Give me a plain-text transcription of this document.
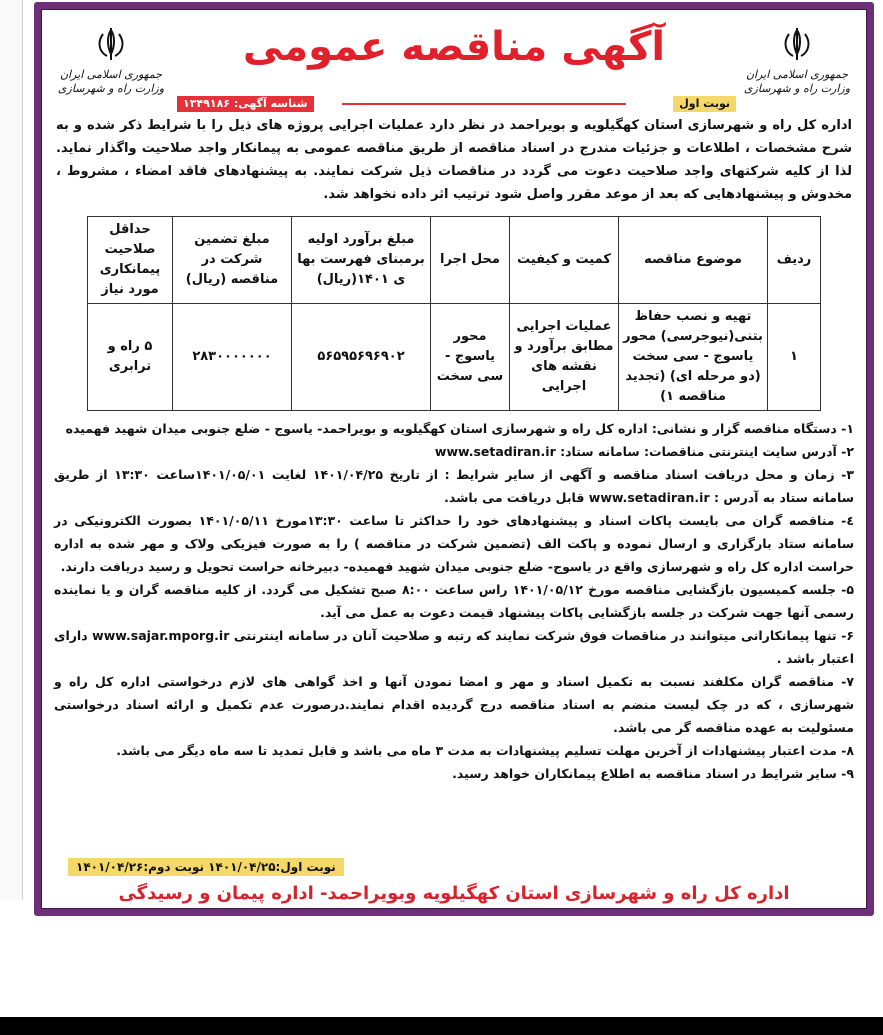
جمهوری اسلامی ایران
وزارت راه و شهرسازی
آگهی مناقصه عمومی
جمهوری اسلامی ایران
وزارت راه و شهرسازی
نوبت اول
شناسه آگهی: ۱۳۴۹۱۸۶
اداره کل راه و شهرسازی استان کهگیلویه و بویراحمد در نظر دارد عملیات اجرایی پروژه های ذیل را با شرایط ذکر شده و به شرح مشخصات ، اطلاعات و جزئیات مندرج در اسناد مناقصه از طریق مناقصه عمومی به پیمانکار واجد صلاحیت واگذار نماید. لذا از کلیه شرکتهای واجد صلاحیت دعوت می گردد در مناقصات ذیل شرکت نمایند. به پیشنهادهای فاقد امضاء ، مشروط ، مخدوش و پیشنهادهایی که بعد از موعد مقرر واصل شود ترتیب اثر داده نخواهد شد.
ردیف	موضوع مناقصه	کمیت و کیفیت	محل اجرا	مبلغ برآورد اولیه برمبنای فهرست بها ی ۱۴۰۱(ریال)	مبلغ تضمین شرکت در مناقصه (ریال)	حداقل صلاحیت پیمانکاری مورد نیاز
۱	تهیه و نصب حفاظ بتنی(نیوجرسی) محور یاسوج - سی سخت (دو مرحله ای) (تجدید مناقصه ۱)	عملیات اجرایی مطابق برآورد و نقشه های اجرایی	محور یاسوج - سی سخت	۵۶۵۹۵۶۹۶۹۰۲	۲۸۳۰۰۰۰۰۰۰	۵ راه و ترابری

۱- دستگاه مناقصه گزار و نشانی: اداره کل راه و شهرسازی استان کهگیلویه و بویراحمد- یاسوج - ضلع جنوبی میدان شهید فهمیده

۲- آدرس سایت اینترنتی مناقصات: سامانه ستاد: www.setadiran.ir

۳- زمان و محل دریافت اسناد مناقصه و آگهی از سایر شرایط : از تاریخ ۱۴۰۱/۰۴/۲۵ لغایت ۱۴۰۱/۰۵/۰۱ساعت ۱۳:۳۰ از طریق سامانه ستاد به آدرس : www.setadiran.ir قابل دریافت می باشد.

٤- مناقصه گران می بایست پاکات اسناد و پیشنهادهای خود را حداکثر تا ساعت ۱۳:۳۰مورخ ۱۴۰۱/۰۵/۱۱ بصورت الکترونیکی در سامانه ستاد بارگزاری و ارسال نموده و پاکت الف (تضمین شرکت در مناقصه ) را به صورت فیزیکی ولاک و مهر شده به اداره حراست اداره کل راه و شهرسازی واقع در یاسوج- ضلع جنوبی میدان شهید فهمیده- دبیرخانه حراست تحویل و رسید دریافت دارند.

۵- جلسه کمیسیون بازگشایی مناقصه مورخ ۱۴۰۱/۰۵/۱۲ راس ساعت ۸:۰۰ صبح تشکیل می گردد. از کلیه مناقصه گران و یا نماینده رسمی آنها جهت شرکت در جلسه بازگشایی پاکات پیشنهاد قیمت دعوت به عمل می آید.

۶- تنها پیمانکارانی میتوانند در مناقصات فوق شرکت نمایند که رتبه و صلاحیت آنان در سامانه اینترنتی www.sajar.mporg.ir دارای اعتبار باشد .

۷- مناقصه گران مکلفند نسبت به تکمیل اسناد و مهر و امضا نمودن آنها و اخذ گواهی های لازم درخواستی اداره کل راه و شهرسازی ، که در چک لیست منضم به اسناد مناقصه درج گردیده اقدام نمایند.درصورت عدم تکمیل و ارائه اسناد درخواستی مسئولیت به عهده مناقصه گر می باشد.

۸- مدت اعتبار پیشنهادات از آخرین مهلت تسلیم پیشنهادات به مدت ۳ ماه می باشد و قابل تمدید تا سه ماه دیگر می باشد.

۹- سایر شرایط در اسناد مناقصه به اطلاع پیمانکاران خواهد رسید.

نوبت اول:۱۴۰۱/۰۴/۲۵ نوبت دوم:۱۴۰۱/۰۴/۲۶
اداره کل راه و شهرسازی استان کهگیلویه وبویراحمد- اداره پیمان و رسیدگی
